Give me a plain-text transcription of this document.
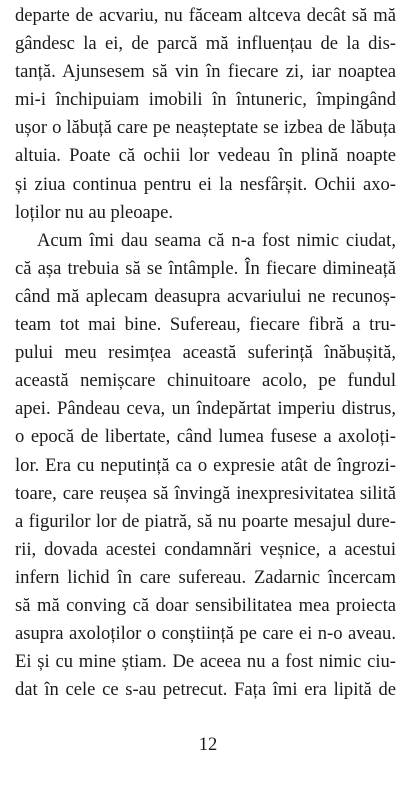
departe de acvariu, nu făceam altceva decât să mă
gândesc la ei, de parcă mă influențau de la dis-
tanță. Ajunsesem să vin în fiecare zi, iar noaptea
mi-i închipuiam imobili în întuneric, împingând
ușor o lăbuță care pe neașteptate se izbea de lăbuța
altuia. Poate că ochii lor vedeau în plină noapte
și ziua continua pentru ei la nesfârșit. Ochii axo-
loților nu au pleoape.
Acum îmi dau seama că n-a fost nimic ciudat,
că așa trebuia să se întâmple. În fiecare dimineață
când mă aplecam deasupra acvariului ne recunoș-
team tot mai bine. Sufereau, fiecare fibră a tru-
pului meu resimțea această suferință înăbușită,
această nemișcare chinuitoare acolo, pe fundul
apei. Pândeau ceva, un îndepărtat imperiu distrus,
o epocă de libertate, când lumea fusese a axoloți-
lor. Era cu neputință ca o expresie atât de îngrozi-
toare, care reușea să învingă inexpresivitatea silită
a figurilor lor de piatră, să nu poarte mesajul dure-
rii, dovada acestei condamnări veșnice, a acestui
infern lichid în care sufereau. Zadarnic încercam
să mă conving că doar sensibilitatea mea proiecta
asupra axoloților o conștiință pe care ei n-o aveau.
Ei și cu mine știam. De aceea nu a fost nimic ciu-
dat în cele ce s-au petrecut. Fața îmi era lipită de
12
